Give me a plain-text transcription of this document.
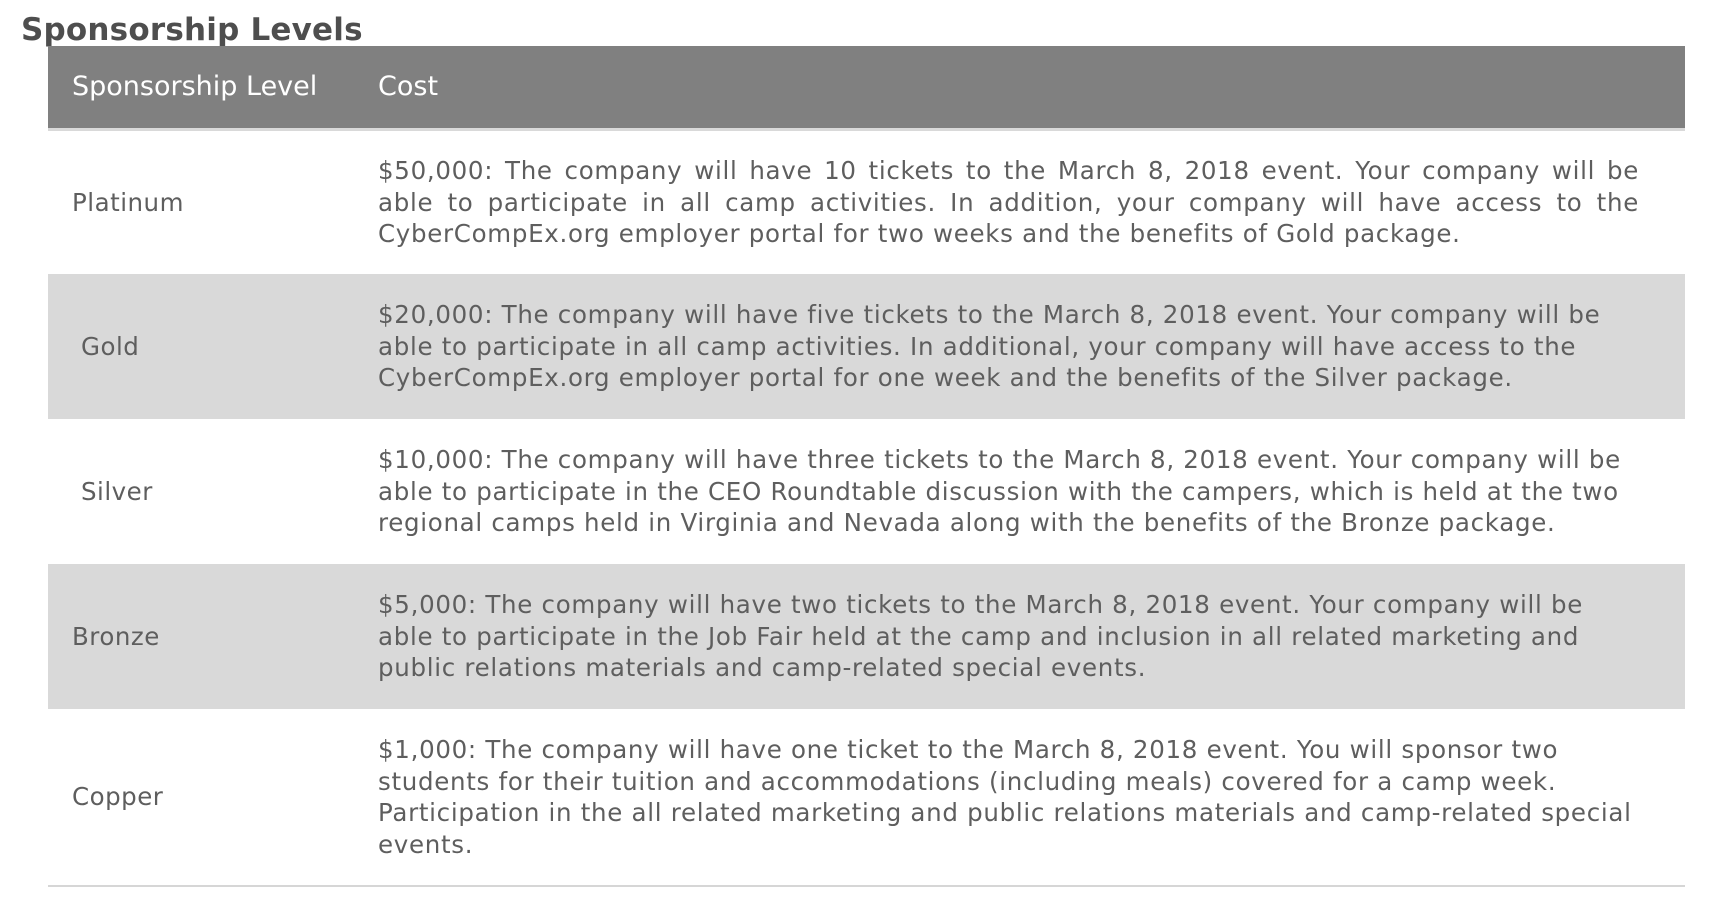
Sponsorship Levels
Sponsorship Level	Cost
Platinum	$50,000: The company will have 10 tickets to the March 8, 2018 event. Your company will be able to participate in all camp activities. In addition, your company will have access to the CyberCompEx.org employer portal for two weeks and the benefits of Gold package.
Gold	$20,000: The company will have five tickets to the March 8, 2018 event. Your company will be able to participate in all camp activities. In additional, your company will have access to the CyberCompEx.org employer portal for one week and the benefits of the Silver package.
Silver	$10,000: The company will have three tickets to the March 8, 2018 event. Your company will be able to participate in the CEO Roundtable discussion with the campers, which is held at the two regional camps held in Virginia and Nevada along with the benefits of the Bronze package.
Bronze	$5,000: The company will have two tickets to the March 8, 2018 event. Your company will be able to participate in the Job Fair held at the camp and inclusion in all related marketing and public relations materials and camp-related special events.
Copper	$1,000: The company will have one ticket to the March 8, 2018 event. You will sponsor two students for their tuition and accommodations (including meals) covered for a camp week. Participation in the all related marketing and public relations materials and camp-related special events.
